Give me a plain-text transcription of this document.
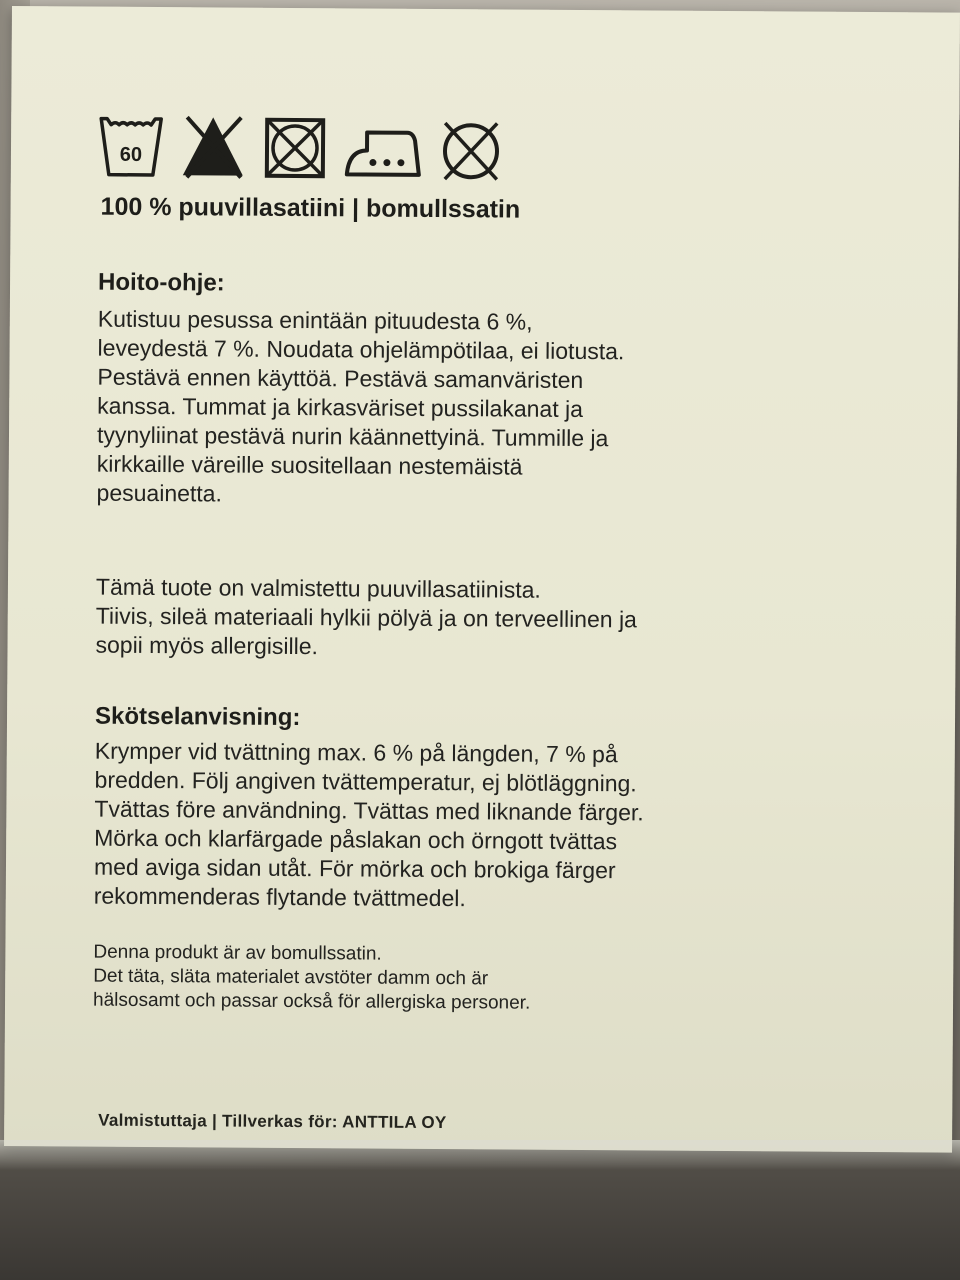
60
100 % puuvillasatiini | bomullssatin
Hoito-ohje:
Kutistuu pesussa enintään pituudesta 6 %,
leveydestä 7 %. Noudata ohjelämpötilaa, ei liotusta.
Pestävä ennen käyttöä. Pestävä samanväristen
kanssa. Tummat ja kirkasväriset pussilakanat ja
tyynyliinat pestävä nurin käännettyinä. Tummille ja
kirkkaille väreille suositellaan nestemäistä
pesuainetta.
Tämä tuote on valmistettu puuvillasatiinista.
Tiivis, sileä materiaali hylkii pölyä ja on terveellinen ja
sopii myös allergisille.
Skötselanvisning:
Krymper vid tvättning max. 6 % på längden, 7 % på
bredden. Följ angiven tvättemperatur, ej blötläggning.
Tvättas före användning. Tvättas med liknande färger.
Mörka och klarfärgade påslakan och örngott tvättas
med aviga sidan utåt. För mörka och brokiga färger
rekommenderas flytande tvättmedel.
Denna produkt är av bomullssatin.
Det täta, släta materialet avstöter damm och är
hälsosamt och passar också för allergiska personer.
Valmistuttaja | Tillverkas för: ANTTILA OY
